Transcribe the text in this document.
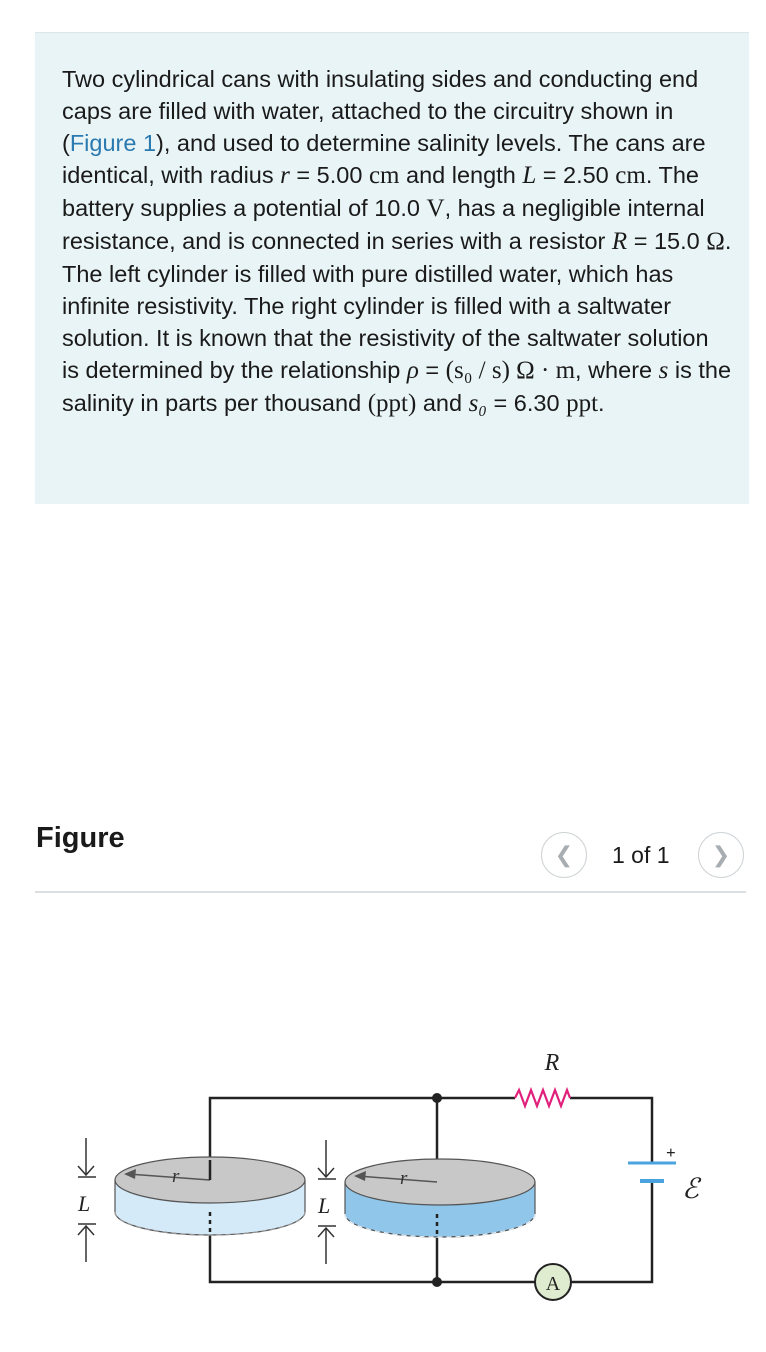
Two cylindrical cans with insulating sides and conducting end caps are filled with water, attached to the circuitry shown in (Figure 1), and used to determine salinity levels. The cans are identical, with radius r = 5.00 cm and length L = 2.50 cm. The battery supplies a potential of 10.0 V, has a negligible internal resistance, and is connected in series with a resistor R = 15.0 Ω. The left cylinder is filled with pure distilled water, which has infinite resistivity. The right cylinder is filled with a saltwater solution. It is known that the resistivity of the saltwater solution is determined by the relationship ρ = (s₀ / s) Ω · m, where s is the salinity in parts per thousand (ppt) and s₀ = 6.30 ppt.

Figure
❮ 1 of 1 ❯
R
+
ℰ
A
r
L
r
L
